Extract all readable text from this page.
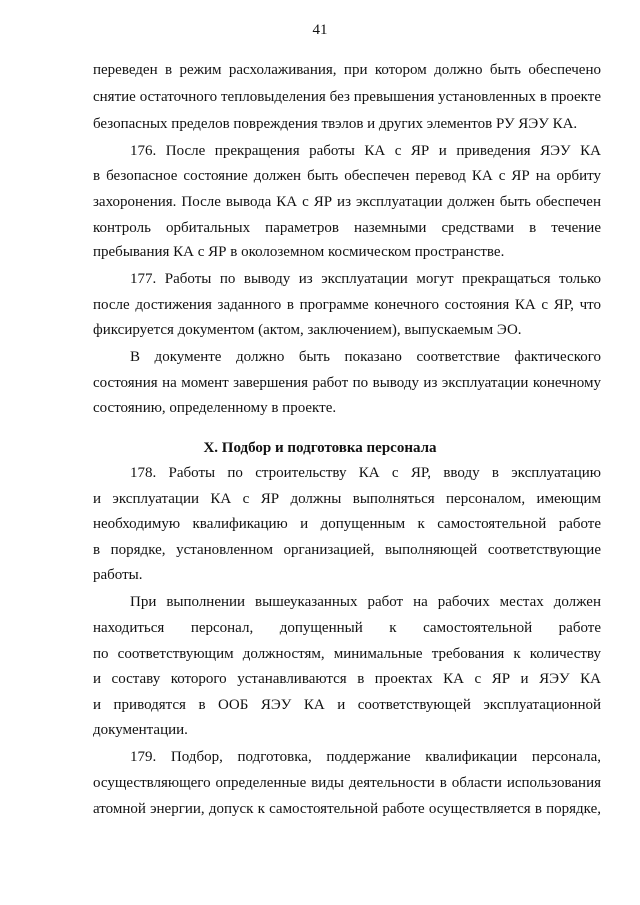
41
переведен в режим расхолаживания, при котором должно быть обеспечено
снятие остаточного тепловыделения без превышения установленных в проекте
безопасных пределов повреждения твэлов и других элементов РУ ЯЭУ КА.
176. После прекращения работы КА с ЯР и приведения ЯЭУ КА
в безопасное состояние должен быть обеспечен перевод КА с ЯР на орбиту
захоронения. После вывода КА с ЯР из эксплуатации должен быть обеспечен
контроль орбитальных параметров наземными средствами в течение
пребывания КА с ЯР в околоземном космическом пространстве.
177. Работы по выводу из эксплуатации могут прекращаться только
после достижения заданного в программе конечного состояния КА с ЯР, что
фиксируется документом (актом, заключением), выпускаемым ЭО.
В документе должно быть показано соответствие фактического
состояния на момент завершения работ по выводу из эксплуатации конечному
состоянию, определенному в проекте.
X. Подбор и подготовка персонала
178. Работы по строительству КА с ЯР, вводу в эксплуатацию
и эксплуатации КА с ЯР должны выполняться персоналом, имеющим
необходимую квалификацию и допущенным к самостоятельной работе
в порядке, установленном организацией, выполняющей соответствующие
работы.
При выполнении вышеуказанных работ на рабочих местах должен
находиться персонал, допущенный к самостоятельной работе
по соответствующим должностям, минимальные требования к количеству
и составу которого устанавливаются в проектах КА с ЯР и ЯЭУ КА
и приводятся в ООБ ЯЭУ КА и соответствующей эксплуатационной
документации.
179. Подбор, подготовка, поддержание квалификации персонала,
осуществляющего определенные виды деятельности в области использования
атомной энергии, допуск к самостоятельной работе осуществляется в порядке,
